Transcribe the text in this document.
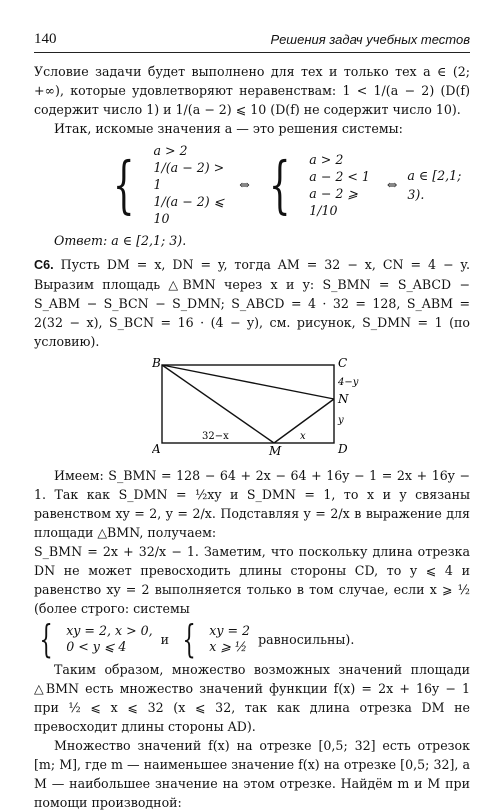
140	Решения задач учебных тестов

Условие задачи будет выполнено для тех и только тех a ∈ (2; +∞), которые удовлетворяют неравенствам: 1 < 1/(a − 2) (D(f) содержит число 1) и 1/(a − 2) ⩽ 10 (D(f) не содержит число 10).

Итак, искомые значения a — это решения системы:

{ a > 2
1/(a − 2) > 1
1/(a − 2) ⩽ 10
⇔ { a > 2
a − 2 < 1
a − 2 ⩾ 1/10
⇔
a ∈ [2,1; 3).

Ответ: a ∈ [2,1; 3).

С6. Пусть DM = x, DN = y, тогда AM = 32 − x, CN = 4 − y. Выразим площадь △BMN через x и y: S_BMN = S_ABCD − S_ABM − S_BCN − S_DMN; S_ABCD = 4 · 32 = 128, S_ABM = 2(32 − x), S_BCN = 16 · (4 − y), см. рисунок, S_DMN = 1 (по условию).

B	C
A	D
M
N
32−x	x
4−y
y

Имеем: S_BMN = 128 − 64 + 2x − 64 + 16y − 1 = 2x + 16y − 1. Так как S_DMN = ½xy и S_DMN = 1, то x и y связаны равенством xy = 2, y = 2/x. Подставляя y = 2/x в выражение для площади △BMN, получаем:

S_BMN = 2x + 32/x − 1. Заметим, что поскольку длина отрезка DN не может превосходить длины стороны CD, то y ⩽ 4 и равенство xy = 2 выполняется только в том случае, если x ⩾ ½ (более строго: системы

{ xy = 2, x > 0,
0 < y ⩽ 4	и { xy = 2
x ⩾ ½ равносильны).

Таким образом, множество возможных значений площади △BMN есть множество значений функции f(x) = 2x + 16y − 1 при ½ ⩽ x ⩽ 32 (x ⩽ 32, так как длина отрезка DM не превосходит длины стороны AD).

Множество значений f(x) на отрезке [0,5; 32] есть отрезок [m; M], где m — наименьшее значение f(x) на отрезке [0,5; 32], а M — наибольшее значение на этом отрезке. Найдём m и M при помощи производной:
